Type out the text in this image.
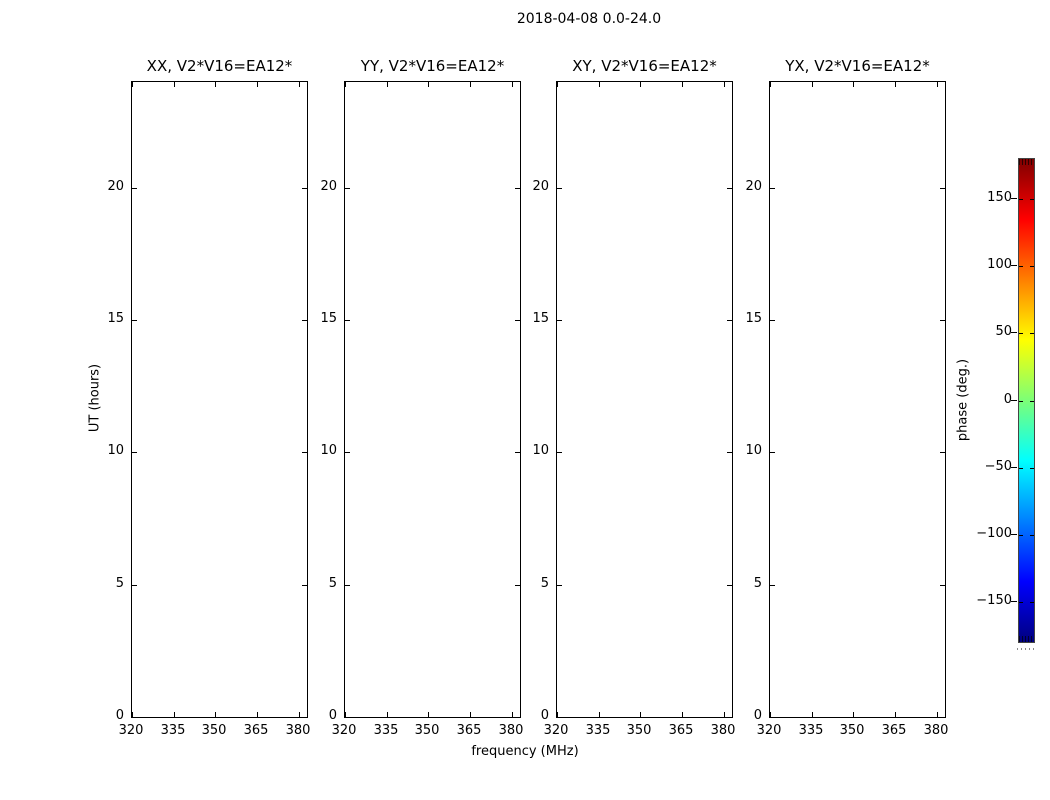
2018-04-08 0.0-24.0
XX, V2*V16=EA12*
320	335	350	365	380
0
5
10
15
20
YY, V2*V16=EA12*
320	335	350	365	380
0
5
10
15
20
XY, V2*V16=EA12*
320	335	350	365	380
0
5
10
15
20
YX, V2*V16=EA12*
320	335	350	365	380
0
5
10
15
20
frequency (MHz)
UT (hours)
150
100
50
0
−50
−100
−150
phase (deg.)
